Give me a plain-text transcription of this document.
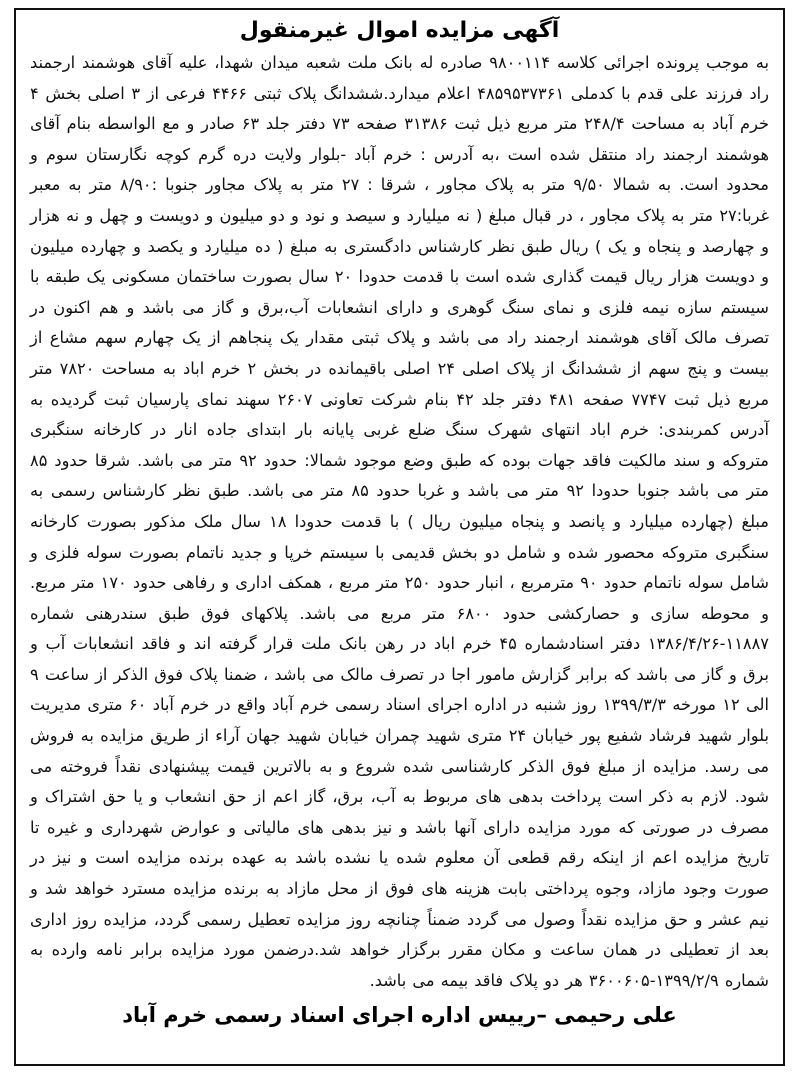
آگهی مزایده اموال غیرمنقول
به موجب پرونده اجرائی کلاسه ۹۸۰۰۱۱۴ صادره له بانک ملت شعبه میدان شهدا، علیه آقای هوشمند ارجمند راد فرزند علی قدم با کدملی ۴۸۵۹۵۳۷۳۶۱ اعلام میدارد.ششدانگ پلاک ثبتی ۴۴۶۶ فرعی از ۳ اصلی بخش ۴ خرم آباد به مساحت ۲۴۸/۴ متر مربع ذیل ثبت ۳۱۳۸۶ صفحه ۷۳ دفتر جلد ۶۳ صادر و مع الواسطه بنام آقای هوشمند ارجمند راد منتقل شده است ،به آدرس : خرم آباد -بلوار ولایت دره گرم کوچه نگارستان سوم و محدود است. به شمالا ۹/۵۰ متر به پلاک مجاور ، شرقا : ۲۷ متر به پلاک مجاور جنوبا :۸/۹۰ متر به معبر غربا:۲۷ متر به پلاک مجاور ، در قبال مبلغ ( نه میلیارد و سیصد و نود و دو میلیون و دویست و چهل و نه هزار و چهارصد و پنجاه و یک ) ریال طبق نظر کارشناس دادگستری به مبلغ ( ده میلیارد و یکصد و چهارده میلیون و دویست هزار ریال قیمت گذاری شده است با قدمت حدودا ۲۰ سال بصورت ساختمان مسکونی یک طبقه با سیستم سازه نیمه فلزی و نمای سنگ گوهری و دارای انشعابات آب،برق و گاز می باشد و هم اکنون در تصرف مالک آقای هوشمند ارجمند راد می باشد و پلاک ثبتی مقدار یک پنجاهم از یک چهارم سهم مشاع از بیست و پنج سهم از ششدانگ از پلاک اصلی ۲۴ اصلی باقیمانده در بخش ۲ خرم اباد به مساحت ۷۸۲۰ متر مربع ذیل ثبت ۷۷۴۷ صفحه ۴۸۱ دفتر جلد ۴۲ بنام شرکت تعاونی ۲۶۰۷ سهند نمای پارسیان ثبت گردیده به آدرس کمربندی: خرم اباد انتهای شهرک سنگ ضلع غربی پایانه بار ابتدای جاده انار در کارخانه سنگبری متروکه و سند مالکیت فاقد جهات بوده که طبق وضع موجود شمالا: حدود ۹۲ متر می باشد. شرقا حدود ۸۵ متر می باشد جنوبا حدودا ۹۲ متر می باشد و غربا حدود ۸۵ متر می باشد. طبق نظر کارشناس رسمی به مبلغ (چهارده میلیارد و پانصد و پنجاه میلیون ریال ) با قدمت حدودا ۱۸ سال ملک مذکور بصورت کارخانه سنگبری متروکه محصور شده و شامل دو بخش قدیمی با سیستم خرپا و جدید ناتمام بصورت سوله فلزی و شامل سوله ناتمام حدود ۹۰ مترمربع ، انبار حدود ۲۵۰ متر مربع ، همکف اداری و رفاهی حدود ۱۷۰ متر مربع. و محوطه سازی و حصارکشی حدود ۶۸۰۰ متر مربع می باشد. پلاکهای فوق طبق سندرهنی شماره ۱۱۸۸۷-۱۳۸۶/۴/۲۶ دفتر اسنادشماره ۴۵ خرم اباد در رهن بانک ملت قرار گرفته اند و فاقد انشعابات آب و برق و گاز می باشد که برابر گزارش مامور اجا در تصرف مالک می باشد ، ضمنا پلاک فوق الذکر از ساعت ۹ الی ۱۲ مورخه ۱۳۹۹/۳/۳ روز شنبه در اداره اجرای اسناد رسمی خرم آباد واقع در خرم آباد ۶۰ متری مدیریت بلوار شهید فرشاد شفیع پور خیابان ۲۴ متری شهید چمران خیابان شهید جهان آراء از طریق مزایده به فروش می رسد. مزایده از مبلغ فوق الذکر کارشناسی شده شروع و به بالاترین قیمت پیشنهادی نقداً فروخته می شود. لازم به ذکر است پرداخت بدهی های مربوط به آب، برق، گاز اعم از حق انشعاب و یا حق اشتراک و مصرف در صورتی که مورد مزایده دارای آنها باشد و نیز بدهی های مالیاتی و عوارض شهرداری و غیره تا تاریخ مزایده اعم از اینکه رقم قطعی آن معلوم شده یا نشده باشد به عهده برنده مزایده است و نیز در صورت وجود مازاد، وجوه پرداختی بابت هزینه های فوق از محل مازاد به برنده مزایده مسترد خواهد شد و نیم عشر و حق مزایده نقداً وصول می گردد ضمناً چنانچه روز مزایده تعطیل رسمی گردد، مزایده روز اداری بعد از تعطیلی در همان ساعت و مکان مقرر برگزار خواهد شد.درضمن مورد مزایده برابر نامه وارده به شماره ۱۳۹۹/۲/۹-۳۶۰۰۶۰۵ هر دو پلاک فاقد بیمه می باشد.
علی رحیمی –رییس اداره اجرای اسناد رسمی خرم آباد
